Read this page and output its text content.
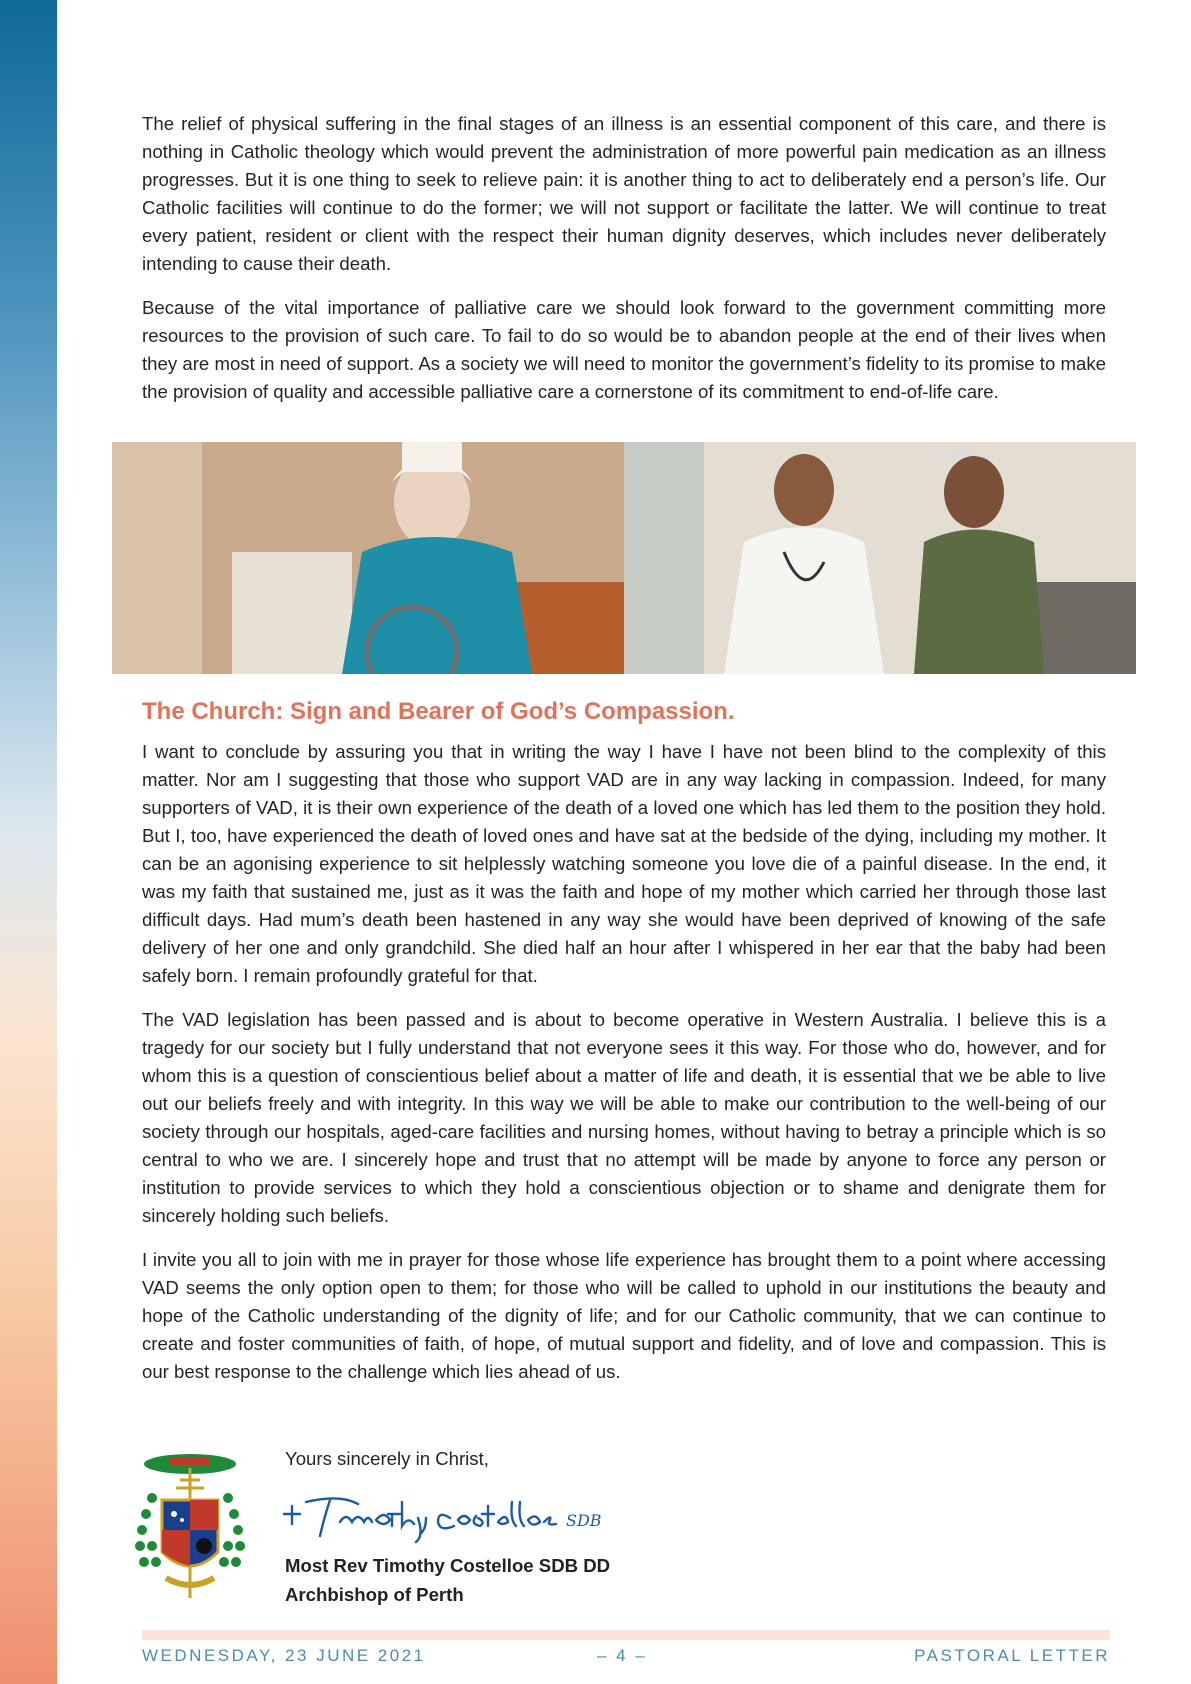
The relief of physical suffering in the final stages of an illness is an essential component of this care, and there is nothing in Catholic theology which would prevent the administration of more powerful pain medication as an illness progresses. But it is one thing to seek to relieve pain: it is another thing to act to deliberately end a person’s life. Our Catholic facilities will continue to do the former; we will not support or facilitate the latter. We will continue to treat every patient, resident or client with the respect their human dignity deserves, which includes never deliberately intending to cause their death.

Because of the vital importance of palliative care we should look forward to the government committing more resources to the provision of such care. To fail to do so would be to abandon people at the end of their lives when they are most in need of support. As a society we will need to monitor the government’s fidelity to its promise to make the provision of quality and accessible palliative care a cornerstone of its commitment to end-of-life care.

The Church: Sign and Bearer of God’s Compassion.

I want to conclude by assuring you that in writing the way I have I have not been blind to the complexity of this matter. Nor am I suggesting that those who support VAD are in any way lacking in compassion. Indeed, for many supporters of VAD, it is their own experience of the death of a loved one which has led them to the position they hold. But I, too, have experienced the death of loved ones and have sat at the bedside of the dying, including my mother. It can be an agonising experience to sit helplessly watching someone you love die of a painful disease. In the end, it was my faith that sustained me, just as it was the faith and hope of my mother which carried her through those last difficult days. Had mum’s death been hastened in any way she would have been deprived of knowing of the safe delivery of her one and only grandchild. She died half an hour after I whispered in her ear that the baby had been safely born. I remain profoundly grateful for that.

The VAD legislation has been passed and is about to become operative in Western Australia. I believe this is a tragedy for our society but I fully understand that not everyone sees it this way. For those who do, however, and for whom this is a question of conscientious belief about a matter of life and death, it is essential that we be able to live out our beliefs freely and with integrity. In this way we will be able to make our contribution to the well-being of our society through our hospitals, aged-care facilities and nursing homes, without having to betray a principle which is so central to who we are. I sincerely hope and trust that no attempt will be made by anyone to force any person or institution to provide services to which they hold a conscientious objection or to shame and denigrate them for sincerely holding such beliefs.

I invite you all to join with me in prayer for those whose life experience has brought them to a point where accessing VAD seems the only option open to them; for those who will be called to uphold in our institutions the beauty and hope of the Catholic understanding of the dignity of life; and for our Catholic community, that we can continue to create and foster communities of faith, of hope, of mutual support and fidelity, and of love and compassion. This is our best response to the challenge which lies ahead of us.

Yours sincerely in Christ,
SDB
Most Rev Timothy Costelloe SDB DD
Archbishop of Perth
WEDNESDAY, 23 JUNE 2021	– 4 –	PASTORAL LETTER
